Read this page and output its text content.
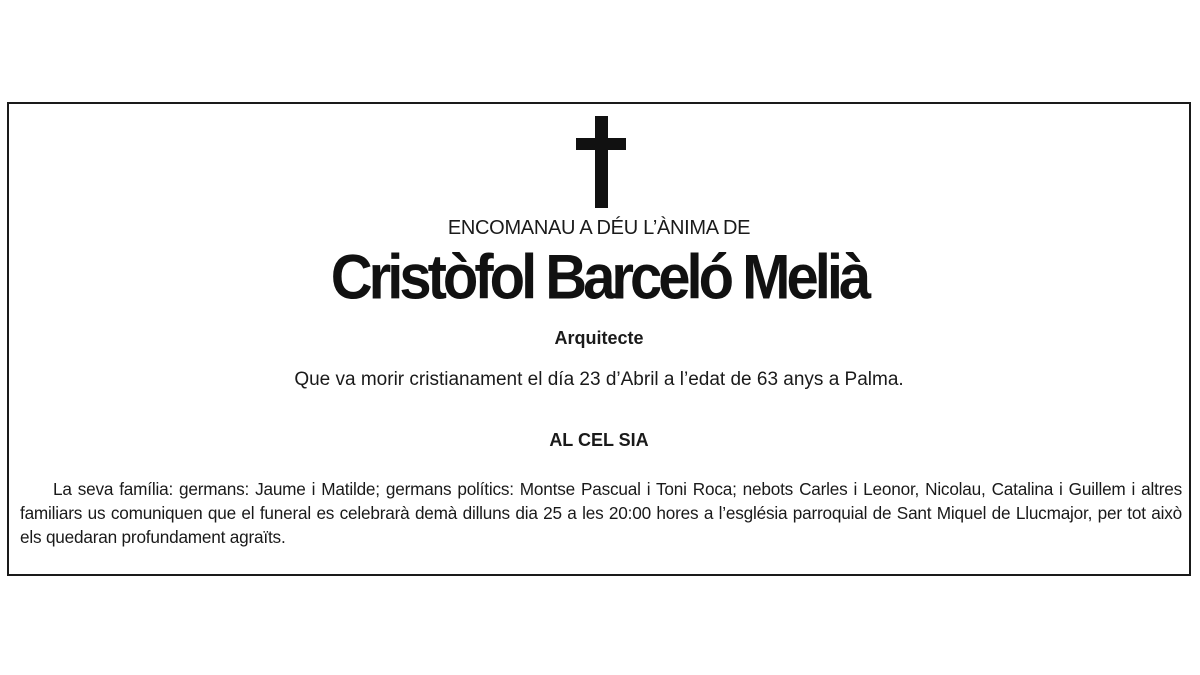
ENCOMANAU A DÉU L’ÀNIMA DE
Cristòfol Barceló Melià
Arquitecte
Que va morir cristianament el día 23 d’Abril a l’edat de 63 anys a Palma.
AL CEL SIA
La seva família: germans: Jaume i Matilde; germans polítics: Montse Pascual i Toni Roca; nebots Carles i Leonor, Nicolau, Catalina i Guillem i altres familiars us comuniquen que el funeral es celebrarà demà dilluns dia 25 a les 20:00 hores a l’església parroquial de Sant Miquel de Llucmajor, per tot això els quedaran profundament agraïts.
